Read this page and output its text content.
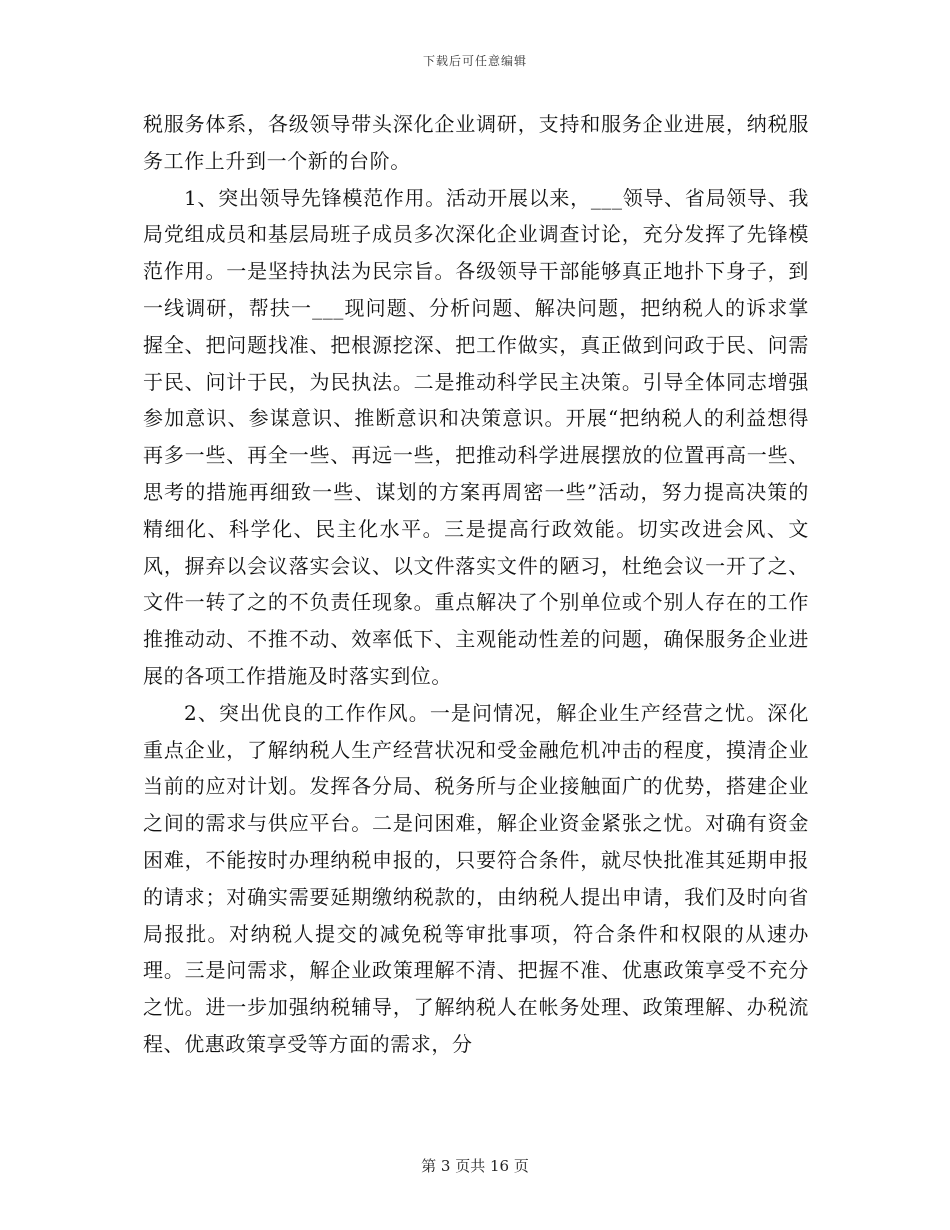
下载后可任意编辑

税服务体系，各级领导带头深化企业调研，支持和服务企业进展，纳税服务工作上升到一个新的台阶。

1、突出领导先锋模范作用。活动开展以来，___领导、省局领导、我局党组成员和基层局班子成员多次深化企业调查讨论，充分发挥了先锋模范作用。一是坚持执法为民宗旨。各级领导干部能够真正地扑下身子，到一线调研，帮扶一___现问题、分析问题、解决问题，把纳税人的诉求掌握全、把问题找准、把根源挖深、把工作做实，真正做到问政于民、问需于民、问计于民，为民执法。二是推动科学民主决策。引导全体同志增强参加意识、参谋意识、推断意识和决策意识。开展“把纳税人的利益想得再多一些、再全一些、再远一些，把推动科学进展摆放的位置再高一些、思考的措施再细致一些、谋划的方案再周密一些”活动，努力提高决策的精细化、科学化、民主化水平。三是提高行政效能。切实改进会风、文风，摒弃以会议落实会议、以文件落实文件的陋习，杜绝会议一开了之、文件一转了之的不负责任现象。重点解决了个别单位或个别人存在的工作推推动动、不推不动、效率低下、主观能动性差的问题，确保服务企业进展的各项工作措施及时落实到位。

2、突出优良的工作作风。一是问情况，解企业生产经营之忧。深化重点企业，了解纳税人生产经营状况和受金融危机冲击的程度，摸清企业当前的应对计划。发挥各分局、税务所与企业接触面广的优势，搭建企业之间的需求与供应平台。二是问困难，解企业资金紧张之忧。对确有资金困难，不能按时办理纳税申报的，只要符合条件，就尽快批准其延期申报的请求；对确实需要延期缴纳税款的，由纳税人提出申请，我们及时向省局报批。对纳税人提交的减免税等审批事项，符合条件和权限的从速办理。三是问需求，解企业政策理解不清、把握不准、优惠政策享受不充分之忧。进一步加强纳税辅导，了解纳税人在帐务处理、政策理解、办税流程、优惠政策享受等方面的需求，分

第 3 页共 16 页
